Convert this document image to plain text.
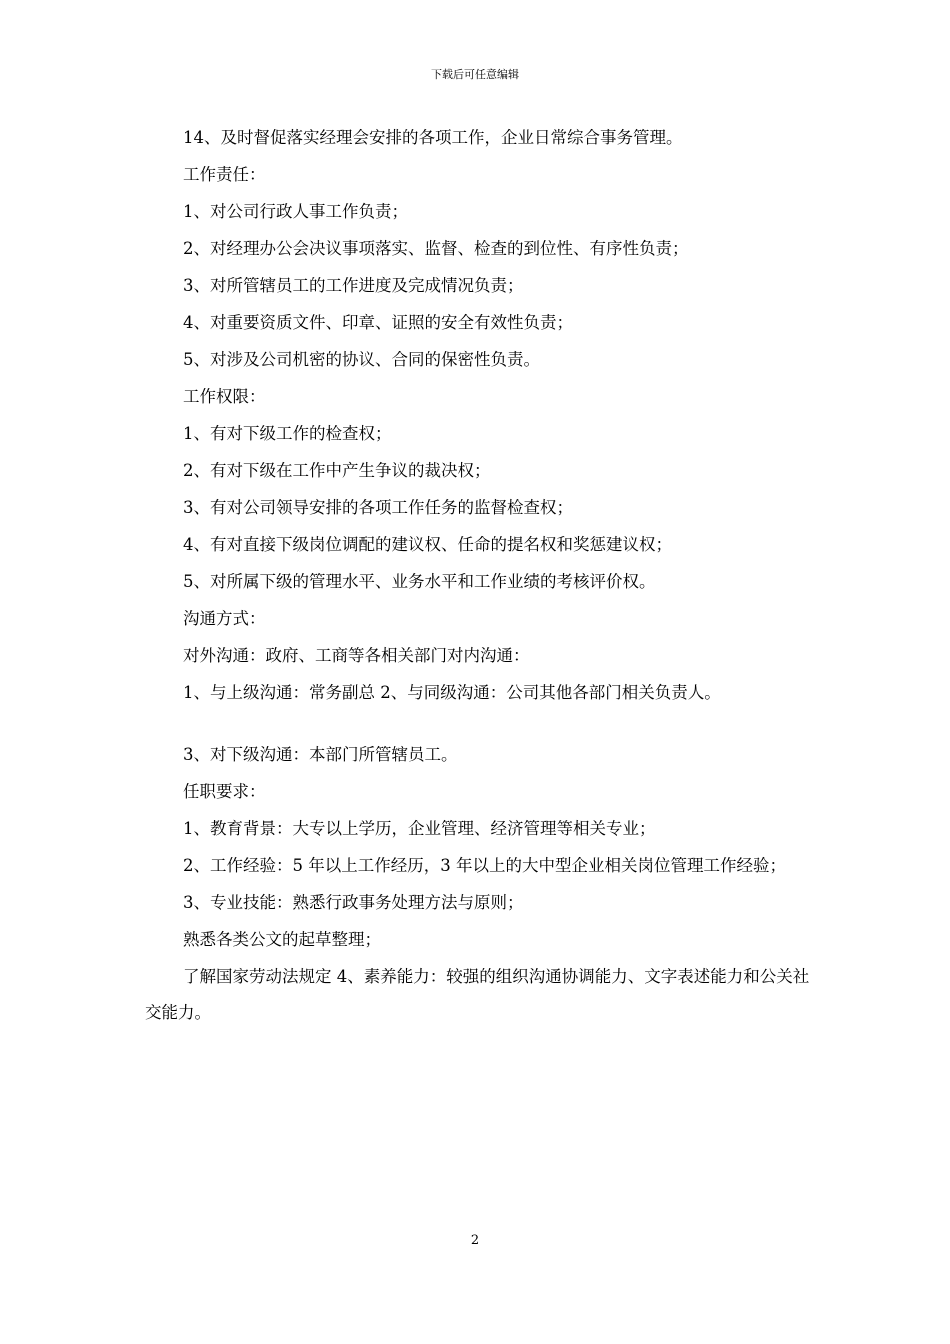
下载后可任意编辑
14、及时督促落实经理会安排的各项工作，企业日常综合事务管理。
工作责任：
1、对公司行政人事工作负责；
2、对经理办公会决议事项落实、监督、检查的到位性、有序性负责；
3、对所管辖员工的工作进度及完成情况负责；
4、对重要资质文件、印章、证照的安全有效性负责；
5、对涉及公司机密的协议、合同的保密性负责。
工作权限：
1、有对下级工作的检查权；
2、有对下级在工作中产生争议的裁决权；
3、有对公司领导安排的各项工作任务的监督检查权；
4、有对直接下级岗位调配的建议权、任命的提名权和奖惩建议权；
5、对所属下级的管理水平、业务水平和工作业绩的考核评价权。
沟通方式：
对外沟通：政府、工商等各相关部门对内沟通：
1、与上级沟通：常务副总 2、与同级沟通：公司其他各部门相关负责人。
3、对下级沟通：本部门所管辖员工。
任职要求：
1、教育背景：大专以上学历，企业管理、经济管理等相关专业；
2、工作经验：5 年以上工作经历，3 年以上的大中型企业相关岗位管理工作经验；
3、专业技能：熟悉行政事务处理方法与原则；
熟悉各类公文的起草整理；
了解国家劳动法规定 4、素养能力：较强的组织沟通协调能力、文字表述能力和公关社交能力。
2
